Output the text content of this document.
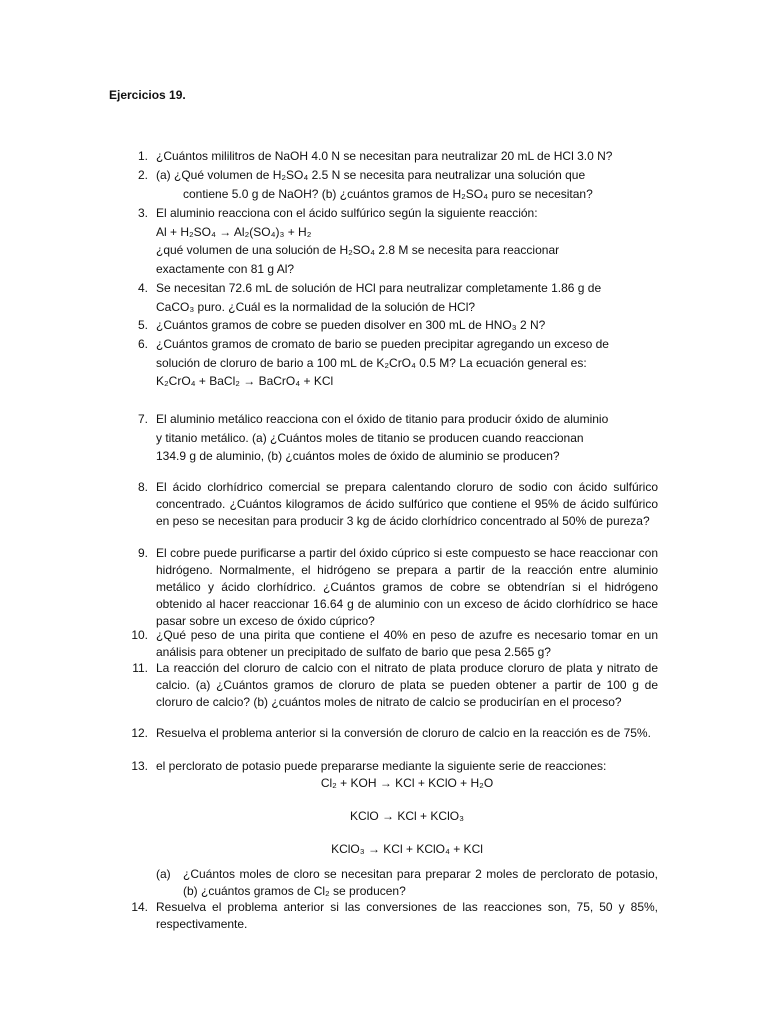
Ejercicios 19.
1. ¿Cuántos mililitros de NaOH 4.0 N se necesitan para neutralizar 20 mL de HCl 3.0 N?

2. (a) ¿Qué volumen de H₂SO₄ 2.5 N se necesita para neutralizar una solución que

contiene 5.0 g de NaOH? (b) ¿cuántos gramos de H₂SO₄ puro se necesitan?

3. El aluminio reacciona con el ácido sulfúrico según la siguiente reacción:

Al + H₂SO₄ → Al₂(SO₄)₃ + H₂

¿qué volumen de una solución de H₂SO₄ 2.8 M se necesita para reaccionar

exactamente con 81 g Al?

4. Se necesitan 72.6 mL de solución de HCl para neutralizar completamente 1.86 g de

CaCO₃ puro. ¿Cuál es la normalidad de la solución de HCl?

5. ¿Cuántos gramos de cobre se pueden disolver en 300 mL de HNO₃ 2 N?

6. ¿Cuántos gramos de cromato de bario se pueden precipitar agregando un exceso de

solución de cloruro de bario a 100 mL de K₂CrO₄ 0.5 M? La ecuación general es:

K₂CrO₄ + BaCl₂ → BaCrO₄ + KCl

7. El aluminio metálico reacciona con el óxido de titanio para producir óxido de aluminio

y titanio metálico. (a) ¿Cuántos moles de titanio se producen cuando reaccionan

134.9 g de aluminio, (b) ¿cuántos moles de óxido de aluminio se producen?

8. El ácido clorhídrico comercial se prepara calentando cloruro de sodio con ácido sulfúrico concentrado. ¿Cuántos kilogramos de ácido sulfúrico que contiene el 95% de ácido sulfúrico en peso se necesitan para producir 3 kg de ácido clorhídrico concentrado al 50% de pureza?
9. El cobre puede purificarse a partir del óxido cúprico si este compuesto se hace reaccionar con hidrógeno. Normalmente, el hidrógeno se prepara a partir de la reacción entre aluminio metálico y ácido clorhídrico. ¿Cuántos gramos de cobre se obtendrían si el hidrógeno obtenido al hacer reaccionar 16.64 g de aluminio con un exceso de ácido clorhídrico se hace pasar sobre un exceso de óxido cúprico?
10. ¿Qué peso de una pirita que contiene el 40% en peso de azufre es necesario tomar en un análisis para obtener un precipitado de sulfato de bario que pesa 2.565 g?
11. La reacción del cloruro de calcio con el nitrato de plata produce cloruro de plata y nitrato de calcio. (a) ¿Cuántos gramos de cloruro de plata se pueden obtener a partir de 100 g de cloruro de calcio? (b) ¿cuántos moles de nitrato de calcio se producirían en el proceso?
12. Resuelva el problema anterior si la conversión de cloruro de calcio en la reacción es de 75%.
13. el perclorato de potasio puede prepararse mediante la siguiente serie de reacciones:

Cl₂ + KOH → KCl + KClO + H₂O

KClO → KCl + KClO₃

KClO₃ → KCl + KClO₄ + KCl

(a) ¿Cuántos moles de cloro se necesitan para preparar 2 moles de perclorato de potasio, (b) ¿cuántos gramos de Cl₂ se producen?
14. Resuelva el problema anterior si las conversiones de las reacciones son, 75, 50 y 85%, respectivamente.
